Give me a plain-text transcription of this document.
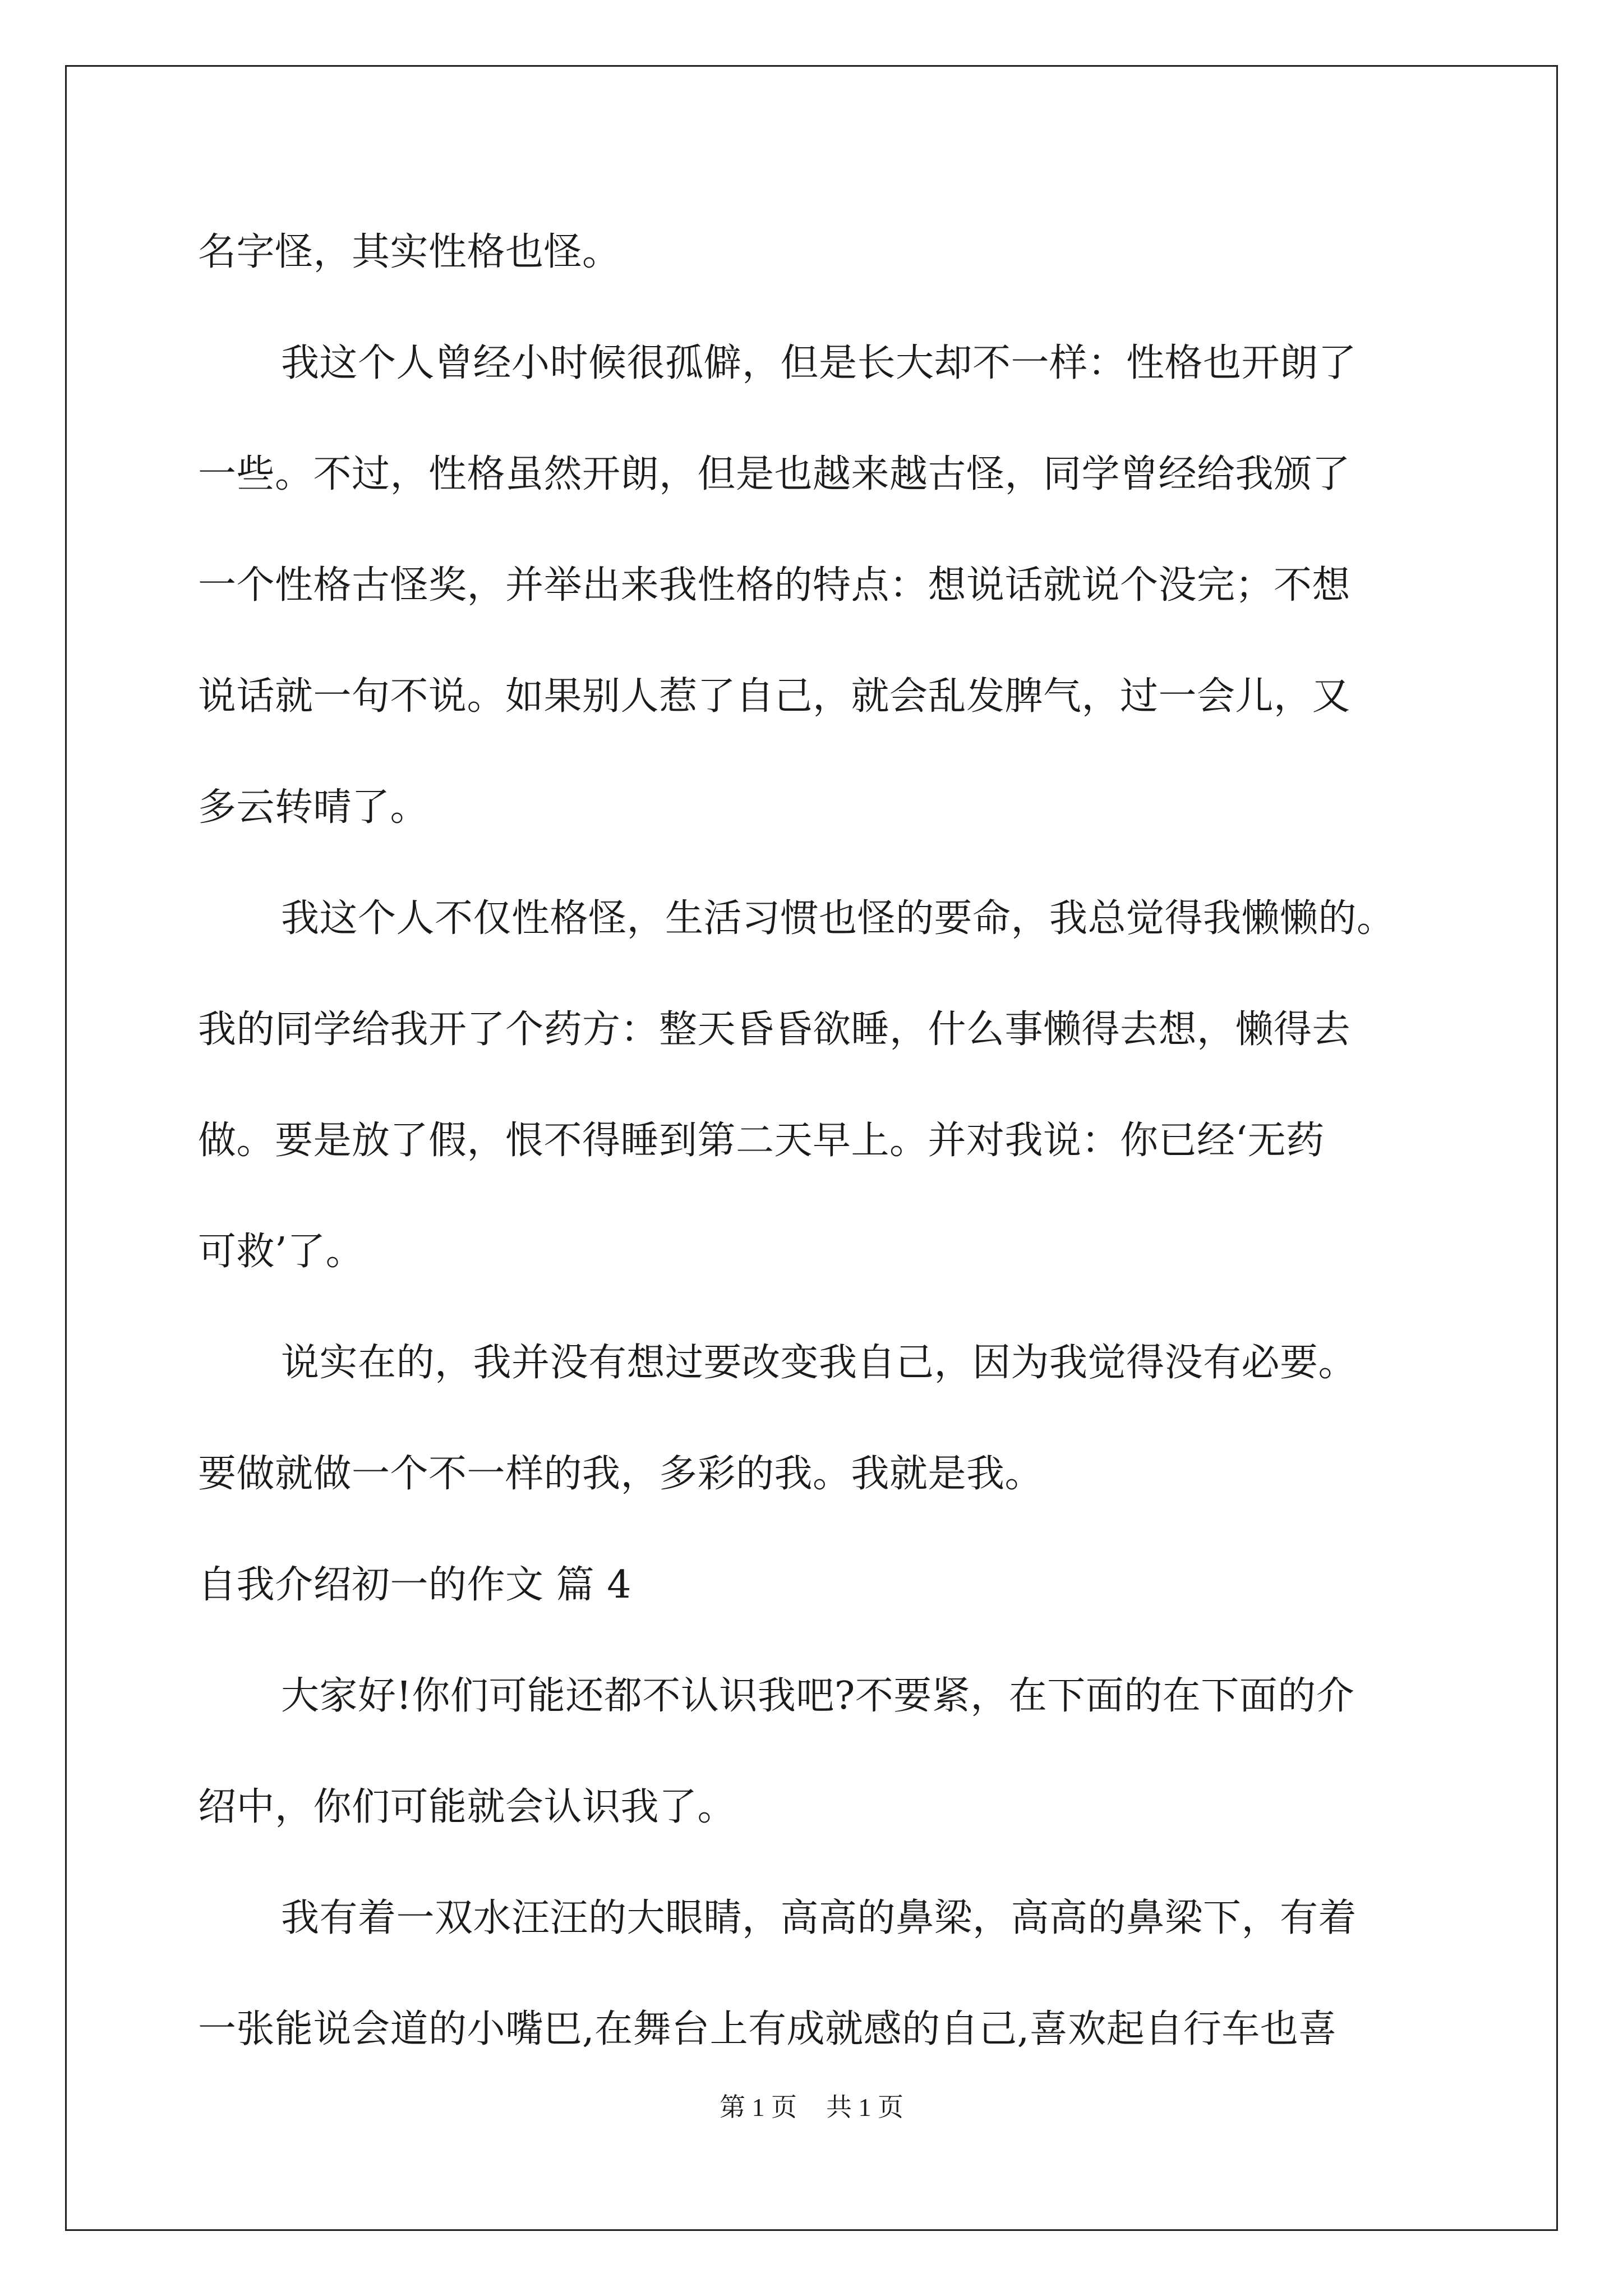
名字怪，其实性格也怪。
我这个人曾经小时候很孤僻，但是长大却不一样：性格也开朗了
一些。不过，性格虽然开朗，但是也越来越古怪，同学曾经给我颁了
一个性格古怪奖，并举出来我性格的特点：想说话就说个没完；不想
说话就一句不说。如果别人惹了自己，就会乱发脾气，过一会儿，又
多云转晴了。
我这个人不仅性格怪，生活习惯也怪的要命，我总觉得我懒懒的。
我的同学给我开了个药方：整天昏昏欲睡，什么事懒得去想，懒得去
做。要是放了假，恨不得睡到第二天早上。并对我说：你已经‘无药
可救’了。
说实在的，我并没有想过要改变我自己，因为我觉得没有必要。
要做就做一个不一样的我，多彩的我。我就是我。
自我介绍初一的作文 篇 4
大家好!你们可能还都不认识我吧?不要紧，在下面的在下面的介
绍中，你们可能就会认识我了。
我有着一双水汪汪的大眼睛，高高的鼻梁，高高的鼻梁下，有着
一张能说会道的小嘴巴,在舞台上有成就感的自己,喜欢起自行车也喜
第 1 页 共 1 页
